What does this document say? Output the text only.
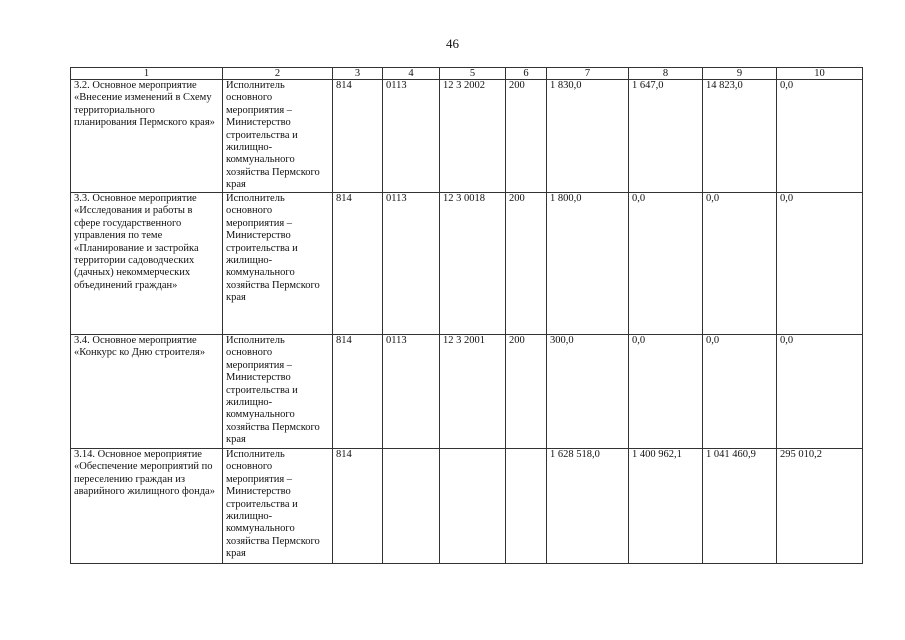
46
1	2	3	4	5	6	7	8	9	10
3.2. Основное мероприятие «Внесение изменений в Схему территориального планирования Пермского края»	Исполнитель основного мероприятия – Министерство строительства и жилищно-коммунального хозяйства Пермского края	814	0113	12 3 2002	200	1 830,0	1 647,0	14 823,0	0,0
3.3. Основное мероприятие «Исследования и работы в сфере государственного управления по теме «Планирование и застройка территории садоводческих (дачных) некоммерческих объединений граждан»	Исполнитель основного мероприятия – Министерство строительства и жилищно-коммунального хозяйства Пермского края	814	0113	12 3 0018	200	1 800,0	0,0	0,0	0,0
3.4. Основное мероприятие «Конкурс ко Дню строителя»	Исполнитель основного мероприятия – Министерство строительства и жилищно-коммунального хозяйства Пермского края	814	0113	12 3 2001	200	300,0	0,0	0,0	0,0
3.14. Основное мероприятие «Обеспечение мероприятий по переселению граждан из аварийного жилищного фонда»	Исполнитель основного мероприятия – Министерство строительства и жилищно-коммунального хозяйства Пермского края	814				1 628 518,0	1 400 962,1	1 041 460,9	295 010,2
